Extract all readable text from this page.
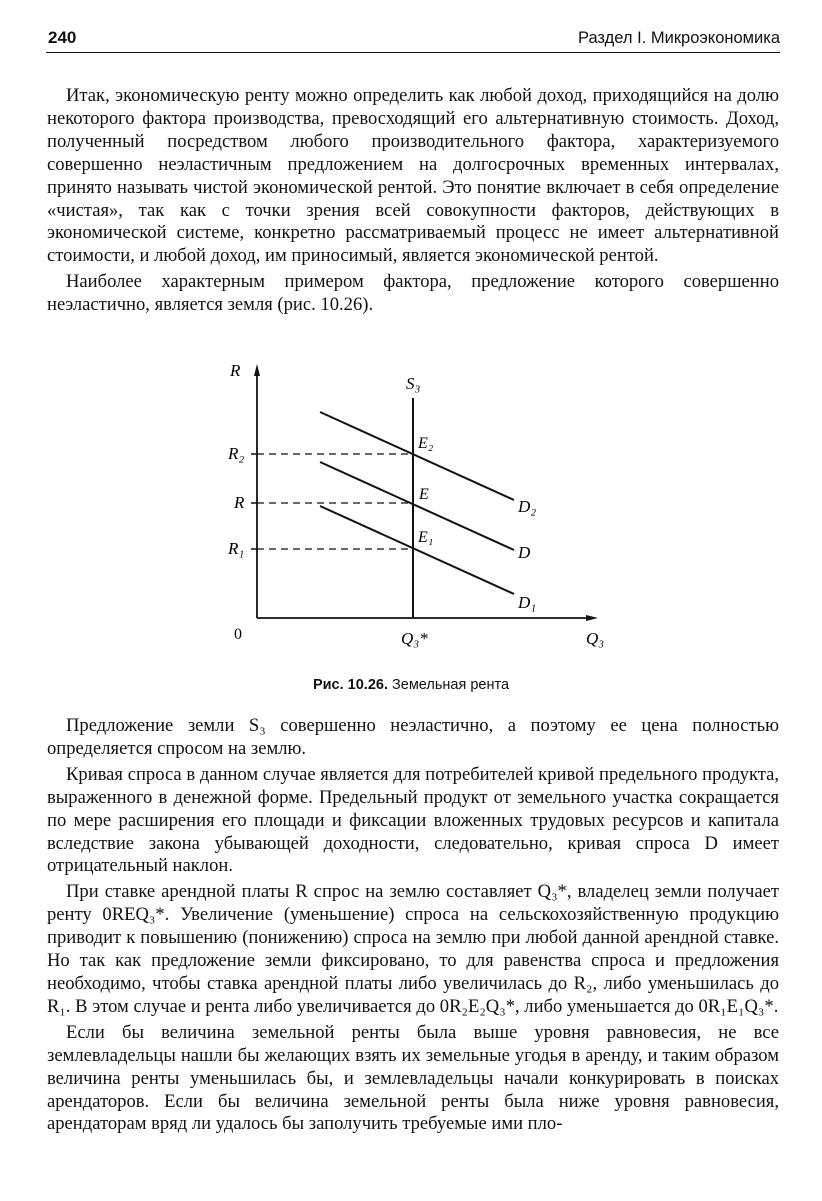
240	Раздел I. Микроэкономика

Итак, экономическую ренту можно определить как любой доход, приходящийся на долю некоторого фактора производства, превосходящий его альтернативную стоимость. Доход, полученный посредством любого производительного фактора, характеризуемого совершенно неэластичным предложением на долгосрочных временных интервалах, принято называть чистой экономической рентой. Это понятие включает в себя определение «чистая», так как с точки зрения всей совокупности факторов, действующих в экономической системе, конкретно рассматриваемый процесс не имеет альтернативной стоимости, и любой доход, им приносимый, является экономической рентой.

Наиболее характерным примером фактора, предложение которого совершенно неэластично, является земля (рис. 10.26).

R
S₃
R₂
R
R₁
E₂
E
E₁
D₂
D
D₁
0	Q₃*	Q₃
Рис. 10.26. Земельная рента

Предложение земли S₃ совершенно неэластично, а поэтому ее цена полностью определяется спросом на землю.

Кривая спроса в данном случае является для потребителей кривой предельного продукта, выраженного в денежной форме. Предельный продукт от земельного участка сокращается по мере расширения его площади и фиксации вложенных трудовых ресурсов и капитала вследствие закона убывающей доходности, следовательно, кривая спроса D имеет отрицательный наклон.

При ставке арендной платы R спрос на землю составляет Q₃*, владелец земли получает ренту 0REQ₃*. Увеличение (уменьшение) спроса на сельскохозяйственную продукцию приводит к повышению (понижению) спроса на землю при любой данной арендной ставке. Но так как предложение земли фиксировано, то для равенства спроса и предложения необходимо, чтобы ставка арендной платы либо увеличилась до R₂, либо уменьшилась до R₁. В этом случае и рента либо увеличивается до 0R₂E₂Q₃*, либо уменьшается до 0R₁E₁Q₃*.

Если бы величина земельной ренты была выше уровня равновесия, не все землевладельцы нашли бы желающих взять их земельные угодья в аренду, и таким образом величина ренты уменьшилась бы, и землевладельцы начали конкурировать в поисках арендаторов. Если бы величина земельной ренты была ниже уровня равновесия, арендаторам вряд ли удалось бы заполучить требуемые ими пло-
